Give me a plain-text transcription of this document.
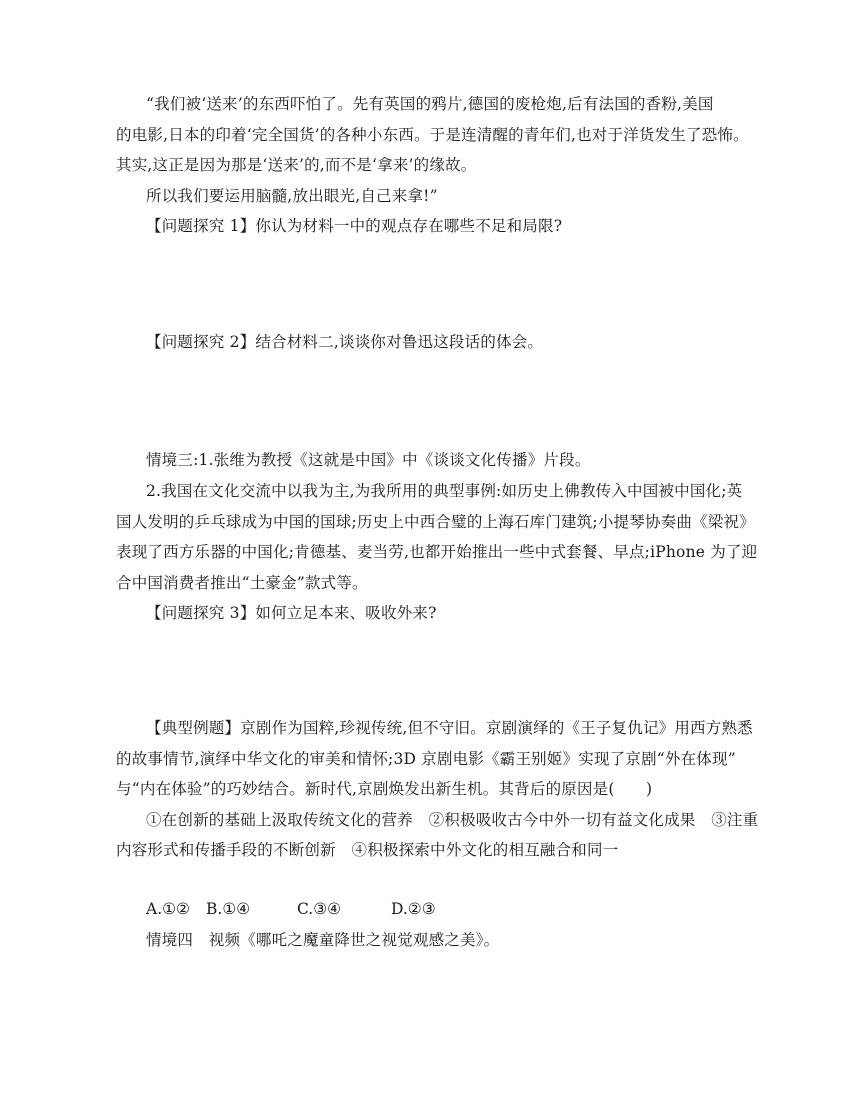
“我们被‘送来’的东西吓怕了。先有英国的鸦片,德国的废枪炮,后有法国的香粉,美国
的电影,日本的印着‘完全国货’的各种小东西。于是连清醒的青年们,也对于洋货发生了恐怖。
其实,这正是因为那是‘送来’的,而不是‘拿来’的缘故。
所以我们要运用脑髓,放出眼光,自己来拿!”
【问题探究 1】你认为材料一中的观点存在哪些不足和局限?
【问题探究 2】结合材料二,谈谈你对鲁迅这段话的体会。
情境三:1.张维为教授《这就是中国》中《谈谈文化传播》片段。
2.我国在文化交流中以我为主,为我所用的典型事例:如历史上佛教传入中国被中国化;英
国人发明的乒乓球成为中国的国球;历史上中西合璧的上海石库门建筑;小提琴协奏曲《梁祝》
表现了西方乐器的中国化;肯德基、麦当劳,也都开始推出一些中式套餐、早点;iPhone 为了迎
合中国消费者推出“土豪金”款式等。
【问题探究 3】如何立足本来、吸收外来?
【典型例题】京剧作为国粹,珍视传统,但不守旧。京剧演绎的《王子复仇记》用西方熟悉
的故事情节,演绎中华文化的审美和情怀;3D 京剧电影《霸王别姬》实现了京剧“外在体现”
与“内在体验”的巧妙结合。新时代,京剧焕发出新生机。其背后的原因是(　　)
①在创新的基础上汲取传统文化的营养　②积极吸收古今中外一切有益文化成果　③注重
内容形式和传播手段的不断创新　④积极探索中外文化的相互融合和同一
A.①② B.①④	C.③④	D.②③
情境四　视频《哪吒之魔童降世之视觉观感之美》。
